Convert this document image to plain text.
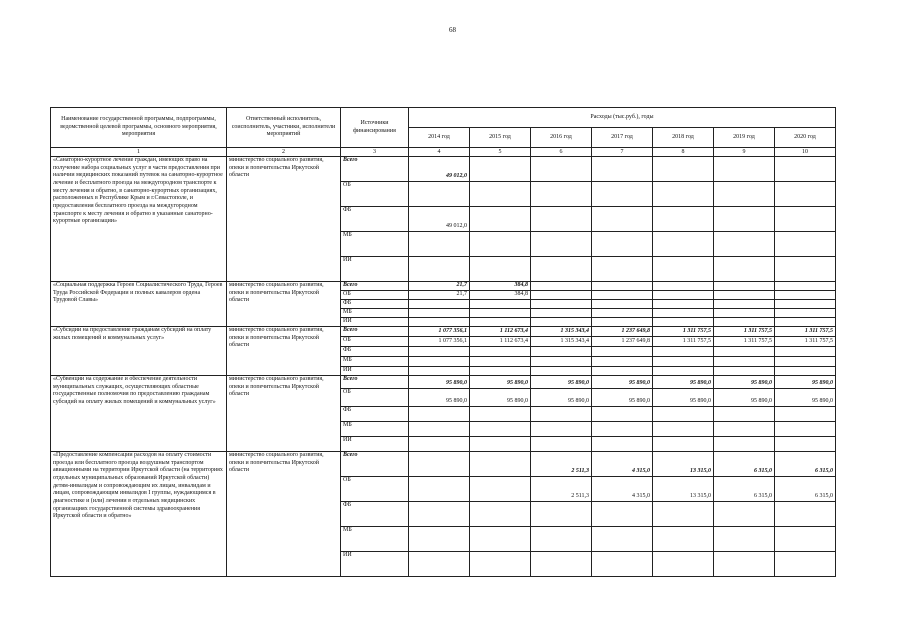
68
Наименование государственной программы, подпрограммы, ведомственной целевой программы, основного мероприятия, мероприятия	Ответственный исполнитель, соисполнитель, участники, исполнители мероприятий	Источники финансирования	Расходы (тыс.руб.), годы						
			2014 год	2015 год	2016 год	2017 год	2018 год	2019 год	2020 год
1	2	3	4	5	6	7	8	9	10
«Санаторно-курортное лечение граждан, имеющих право на получение набора социальных услуг в части предоставления при наличии медицинских показаний путевок на санаторно-курортное лечение и бесплатного проезда на междугородном транспорте к месту лечения и обратно, в санаторно-курортных организациях, расположенных в Республике Крым и г.Севастополе, и предоставления бесплатного проезда на междугородном транспорте к месту лечения и обратно в указанные санаторно-курортные организации»	министерство социального развития, опеки и попечительства Иркутской области	Всего	49 012,0						
		ОБ							
		ФБ	49 012,0						
		МБ							
		ИИ							
«Социальная поддержка Героев Социалистического Труда, Героев Труда Российской Федерации и полных кавалеров ордена Трудовой Славы»	министерство социального развития, опеки и попечительства Иркутской области	Всего	21,7	384,8					
		ОБ	21,7	384,8					
		ФБ							
		МБ							
		ИИ							
«Субсидии на предоставление гражданам субсидий на оплату жилых помещений и коммунальных услуг»	министерство социального развития, опеки и попечительства Иркутской области	Всего	1 077 356,1	1 112 673,4	1 315 343,4	1 237 649,8	1 311 757,5	1 311 757,5	1 311 757,5
		ОБ	1 077 356,1	1 112 673,4	1 315 343,4	1 237 649,8	1 311 757,5	1 311 757,5	1 311 757,5
		ФБ							
		МБ							
		ИИ							
«Субвенции на содержание и обеспечение деятельности муниципальных служащих, осуществляющих областные государственные полномочия по предоставлению гражданам субсидий на оплату жилых помещений и коммунальных услуг»	министерство социального развития, опеки и попечительства Иркутской области	Всего	95 890,0	95 890,0	95 890,0	95 890,0	95 890,0	95 890,0	95 890,0
		ОБ	95 890,0	95 890,0	95 890,0	95 890,0	95 890,0	95 890,0	95 890,0
		ФБ							
		МБ							
		ИИ							
«Предоставление компенсации расходов на оплату стоимости проезда или бесплатного проезда воздушным транспортом авиационными на территории Иркутской области (на территориях отдельных муниципальных образований Иркутской области) детям-инвалидам и сопровождающим их лицам, инвалидам и лицам, сопровождающим инвалидов I группы, нуждающимся в диагностике и (или) лечении в отдельных медицинских организациях государственной системы здравоохранения Иркутской области и обратно»	министерство социального развития, опеки и попечительства Иркутской области	Всего			2 511,3	4 315,0	13 315,0	6 315,0	6 315,0
		ОБ			2 511,3	4 315,0	13 315,0	6 315,0	6 315,0
		ФБ							
		МБ							
		ИИ							
